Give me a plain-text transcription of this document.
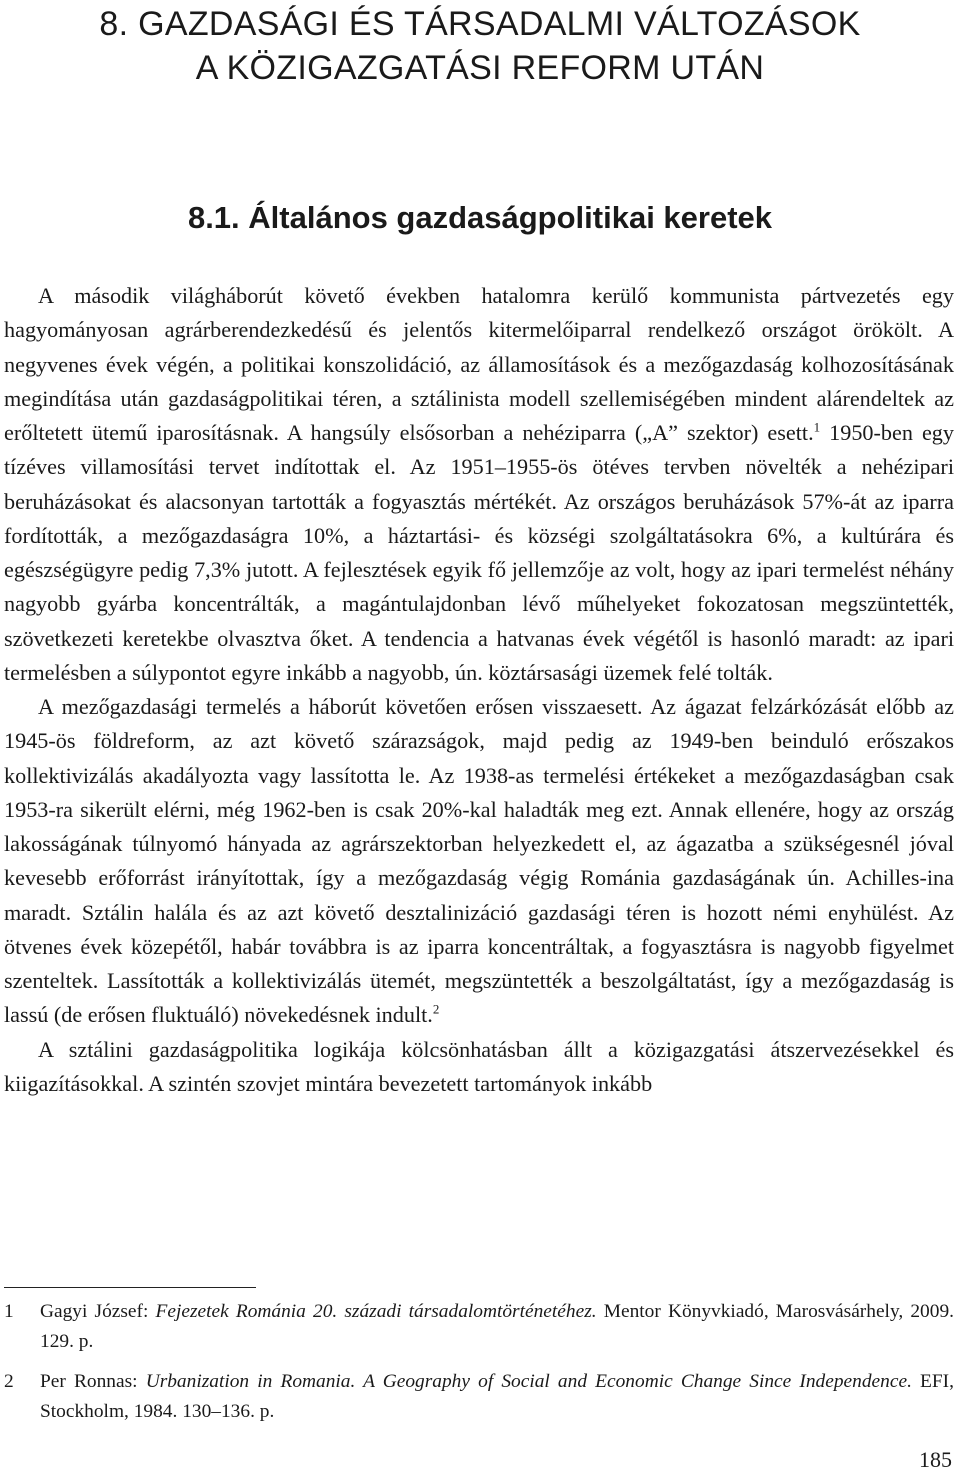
8. GAZDASÁGI ÉS TÁRSADALMI VÁLTOZÁSOK
A KÖZIGAZGATÁSI REFORM UTÁN
8.1. Általános gazdaságpolitikai keretek

A második világháborút követő években hatalomra kerülő kommunista pártvezetés egy hagyományosan agrárberendezkedésű és jelentős kitermelőiparral rendelkező országot örökölt. A negyvenes évek végén, a politikai konszolidáció, az államosítások és a mezőgazdaság kolhozosításának megindítása után gazdaságpolitikai téren, a sztálinista modell szellemiségében mindent alárendeltek az erőltetett ütemű iparosításnak. A hangsúly elsősorban a nehéziparra („A” szektor) esett.$^1$ 1950-ben egy tízéves villamosítási tervet indítottak el. Az 1951–1955-ös ötéves tervben növelték a nehézipari beruházásokat és alacsonyan tartották a fogyasztás mértékét. Az országos beruházások 57%-át az iparra fordították, a mezőgazdaságra 10%, a háztartási- és községi szolgáltatásokra 6%, a kultúrára és egészségügyre pedig 7,3% jutott. A fejlesztések egyik fő jellemzője az volt, hogy az ipari termelést néhány nagyobb gyárba koncentrálták, a magántulajdonban lévő műhelyeket fokozatosan megszüntették, szövetkezeti keretekbe olvasztva őket. A tendencia a hatvanas évek végétől is hasonló maradt: az ipari termelésben a súlypontot egyre inkább a nagyobb, ún. köztársasági üzemek felé tolták.

A mezőgazdasági termelés a háborút követően erősen visszaesett. Az ágazat felzárkózását előbb az 1945-ös földreform, az azt követő szárazságok, majd pedig az 1949-ben beinduló erőszakos kollektivizálás akadályozta vagy lassította le. Az 1938-as termelési értékeket a mezőgazdaságban csak 1953-ra sikerült elérni, még 1962-ben is csak 20%-kal haladták meg ezt. Annak ellenére, hogy az ország lakosságának túlnyomó hányada az agrárszektorban helyezkedett el, az ágazatba a szükségesnél jóval kevesebb erőforrást irányítottak, így a mezőgazdaság végig Románia gazdaságának ún. Achilles-ina maradt. Sztálin halála és az azt követő desztalinizáció gazdasági téren is hozott némi enyhülést. Az ötvenes évek közepétől, habár továbbra is az iparra koncentráltak, a fogyasztásra is nagyobb figyelmet szenteltek. Lassították a kollektivizálás ütemét, megszüntették a beszolgáltatást, így a mezőgazdaság is lassú (de erősen fluktuáló) növekedésnek indult.$^2$

A sztálini gazdaságpolitika logikája kölcsönhatásban állt a közigazgatási átszervezésekkel és kiigazításokkal. A szintén szovjet mintára bevezetett tartományok inkább

1 Gagyi József: Fejezetek Románia 20. századi társadalomtörténetéhez. Mentor Könyvkiadó, Marosvásárhely, 2009. 129. p.

2 Per Ronnas: Urbanization in Romania. A Geography of Social and Economic Change Since Independence. EFI, Stockholm, 1984. 130–136. p.

185
